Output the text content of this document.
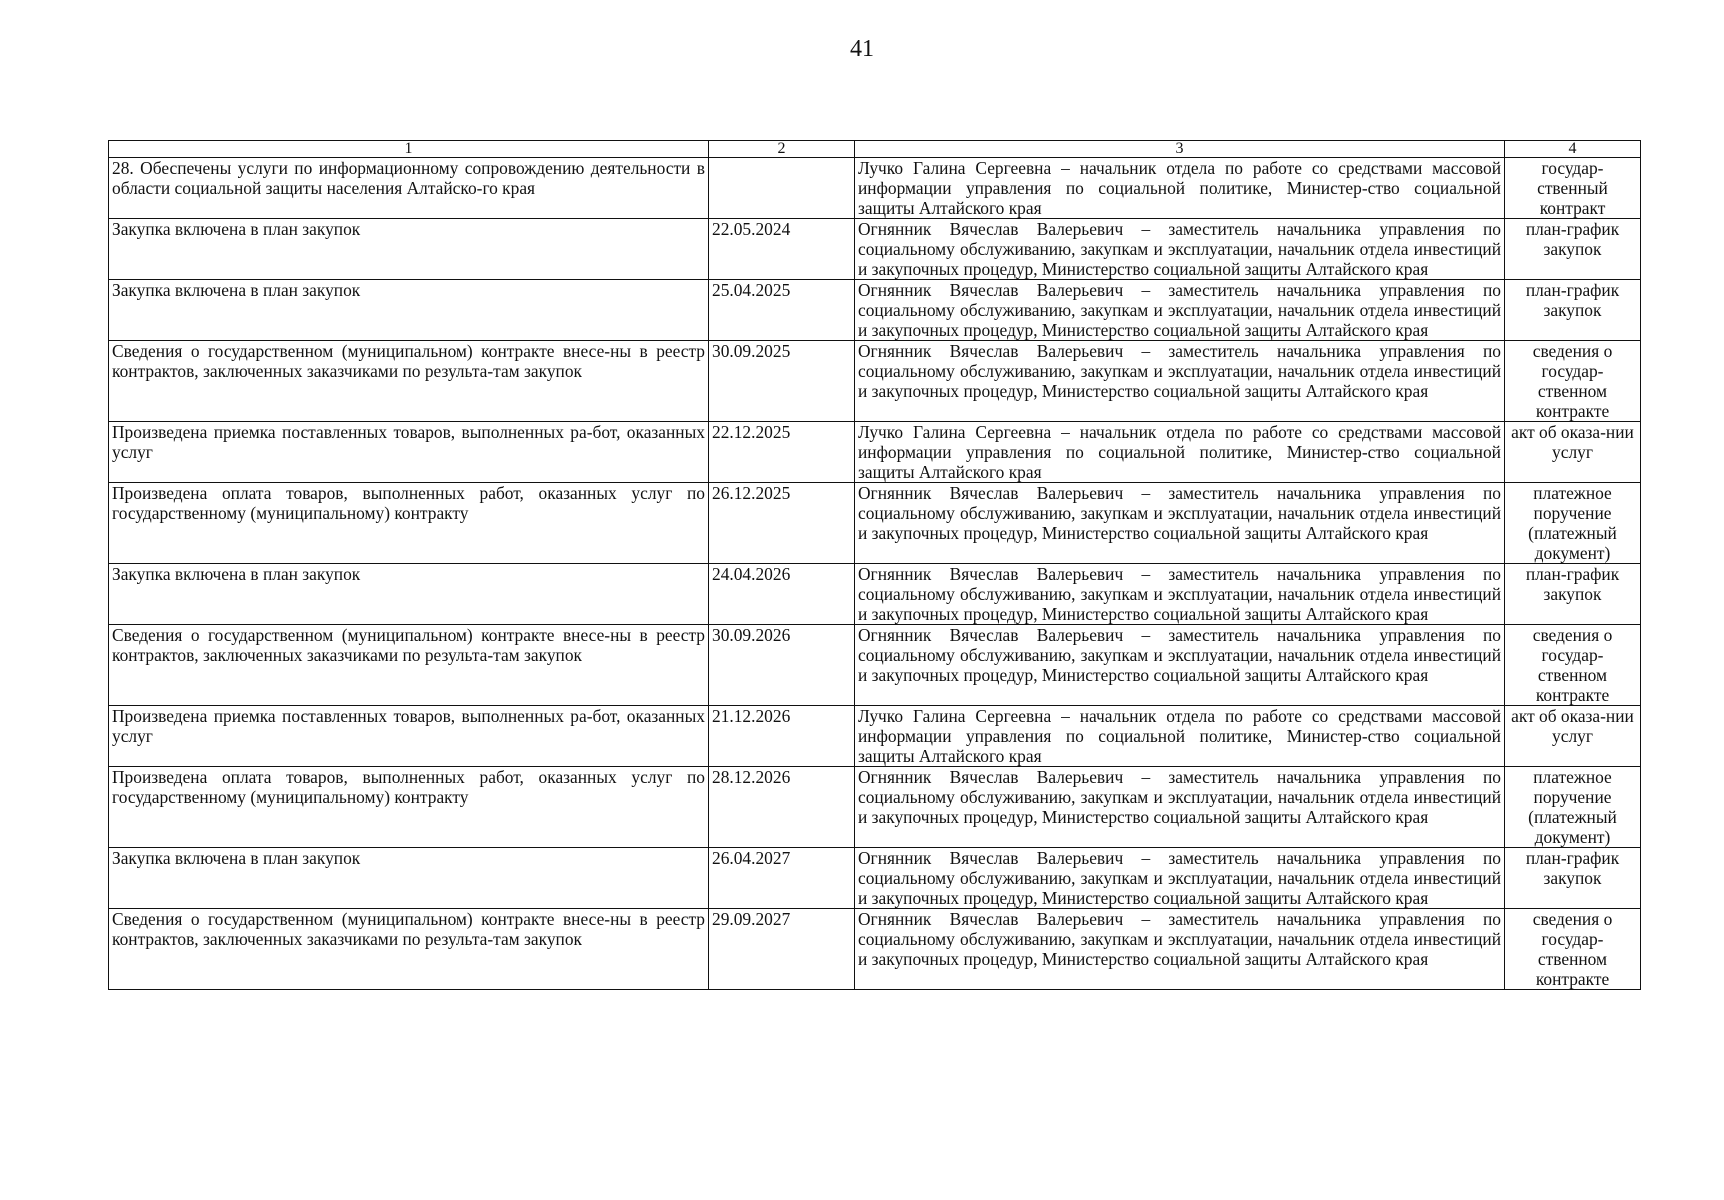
41
1	2	3	4
28. Обеспечены услуги по информационному сопровождению деятельности в области социальной защиты населения Алтайско-го края		Лучко Галина Сергеевна – начальник отдела по работе со средствами массовой информации управления по социальной политике, Министер-ство социальной защиты Алтайского края	государ-ственный контракт
Закупка включена в план закупок	22.05.2024	Огнянник Вячеслав Валерьевич – заместитель начальника управления по социальному обслуживанию, закупкам и эксплуатации, начальник отдела инвестиций и закупочных процедур, Министерство социальной защиты Алтайского края	план-график закупок
Закупка включена в план закупок	25.04.2025	Огнянник Вячеслав Валерьевич – заместитель начальника управления по социальному обслуживанию, закупкам и эксплуатации, начальник отдела инвестиций и закупочных процедур, Министерство социальной защиты Алтайского края	план-график закупок
Сведения о государственном (муниципальном) контракте внесе-ны в реестр контрактов, заключенных заказчиками по результа-там закупок	30.09.2025	Огнянник Вячеслав Валерьевич – заместитель начальника управления по социальному обслуживанию, закупкам и эксплуатации, начальник отдела инвестиций и закупочных процедур, Министерство социальной защиты Алтайского края	сведения о государ-ственном контракте
Произведена приемка поставленных товаров, выполненных ра-бот, оказанных услуг	22.12.2025	Лучко Галина Сергеевна – начальник отдела по работе со средствами массовой информации управления по социальной политике, Министер-ство социальной защиты Алтайского края	акт об оказа-нии услуг
Произведена оплата товаров, выполненных работ, оказанных услуг по государственному (муниципальному) контракту	26.12.2025	Огнянник Вячеслав Валерьевич – заместитель начальника управления по социальному обслуживанию, закупкам и эксплуатации, начальник отдела инвестиций и закупочных процедур, Министерство социальной защиты Алтайского края	платежное поручение (платежный документ)
Закупка включена в план закупок	24.04.2026	Огнянник Вячеслав Валерьевич – заместитель начальника управления по социальному обслуживанию, закупкам и эксплуатации, начальник отдела инвестиций и закупочных процедур, Министерство социальной защиты Алтайского края	план-график закупок
Сведения о государственном (муниципальном) контракте внесе-ны в реестр контрактов, заключенных заказчиками по результа-там закупок	30.09.2026	Огнянник Вячеслав Валерьевич – заместитель начальника управления по социальному обслуживанию, закупкам и эксплуатации, начальник отдела инвестиций и закупочных процедур, Министерство социальной защиты Алтайского края	сведения о государ-ственном контракте
Произведена приемка поставленных товаров, выполненных ра-бот, оказанных услуг	21.12.2026	Лучко Галина Сергеевна – начальник отдела по работе со средствами массовой информации управления по социальной политике, Министер-ство социальной защиты Алтайского края	акт об оказа-нии услуг
Произведена оплата товаров, выполненных работ, оказанных услуг по государственному (муниципальному) контракту	28.12.2026	Огнянник Вячеслав Валерьевич – заместитель начальника управления по социальному обслуживанию, закупкам и эксплуатации, начальник отдела инвестиций и закупочных процедур, Министерство социальной защиты Алтайского края	платежное поручение (платежный документ)
Закупка включена в план закупок	26.04.2027	Огнянник Вячеслав Валерьевич – заместитель начальника управления по социальному обслуживанию, закупкам и эксплуатации, начальник отдела инвестиций и закупочных процедур, Министерство социальной защиты Алтайского края	план-график закупок
Сведения о государственном (муниципальном) контракте внесе-ны в реестр контрактов, заключенных заказчиками по результа-там закупок	29.09.2027	Огнянник Вячеслав Валерьевич – заместитель начальника управления по социальному обслуживанию, закупкам и эксплуатации, начальник отдела инвестиций и закупочных процедур, Министерство социальной защиты Алтайского края	сведения о государ-ственном контракте
